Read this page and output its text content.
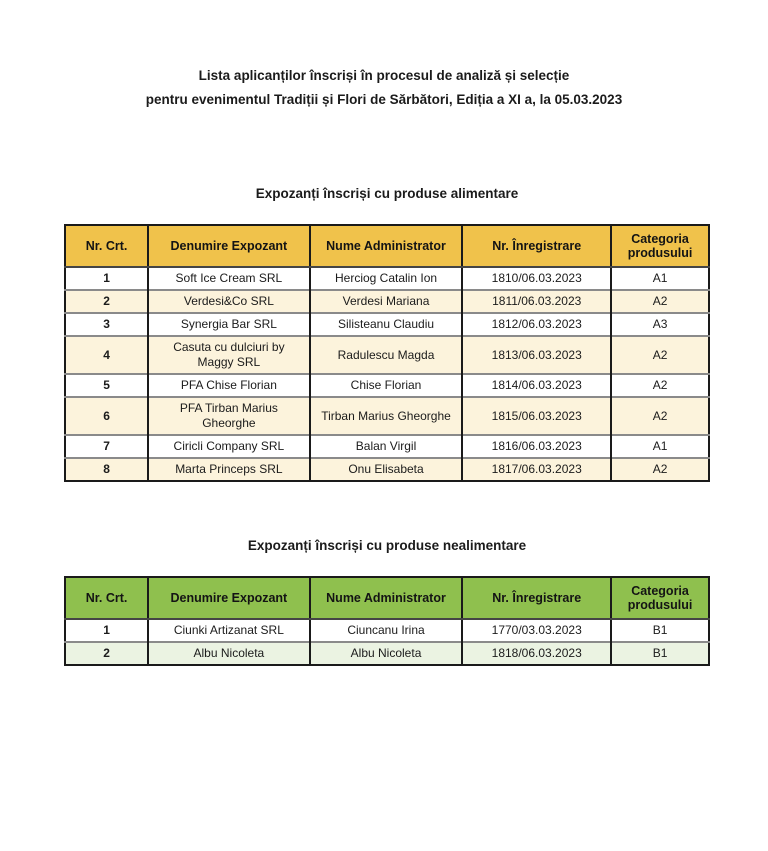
Lista aplicanților înscriși în procesul de analiză și selecție
pentru evenimentul Tradiții și Flori de Sărbători, Ediția a XI a, la 05.03.2023
Expozanți înscriși cu produse alimentare
Nr. Crt.	Denumire Expozant	Nume Administrator	Nr. Înregistrare	Categoria produsului
1	Soft Ice Cream SRL	Herciog Catalin Ion	1810/06.03.2023	A1
2	Verdesi&Co SRL	Verdesi Mariana	1811/06.03.2023	A2
3	Synergia Bar SRL	Silisteanu Claudiu	1812/06.03.2023	A3
4	Casuta cu dulciuri by Maggy SRL	Radulescu Magda	1813/06.03.2023	A2
5	PFA Chise Florian	Chise Florian	1814/06.03.2023	A2
6	PFA Tirban Marius Gheorghe	Tirban Marius Gheorghe	1815/06.03.2023	A2
7	Ciricli Company SRL	Balan Virgil	1816/06.03.2023	A1
8	Marta Princeps SRL	Onu Elisabeta	1817/06.03.2023	A2
Expozanți înscriși cu produse nealimentare
Nr. Crt.	Denumire Expozant	Nume Administrator	Nr. Înregistrare	Categoria produsului
1	Ciunki Artizanat SRL	Ciuncanu Irina	1770/03.03.2023	B1
2	Albu Nicoleta	Albu Nicoleta	1818/06.03.2023	B1
